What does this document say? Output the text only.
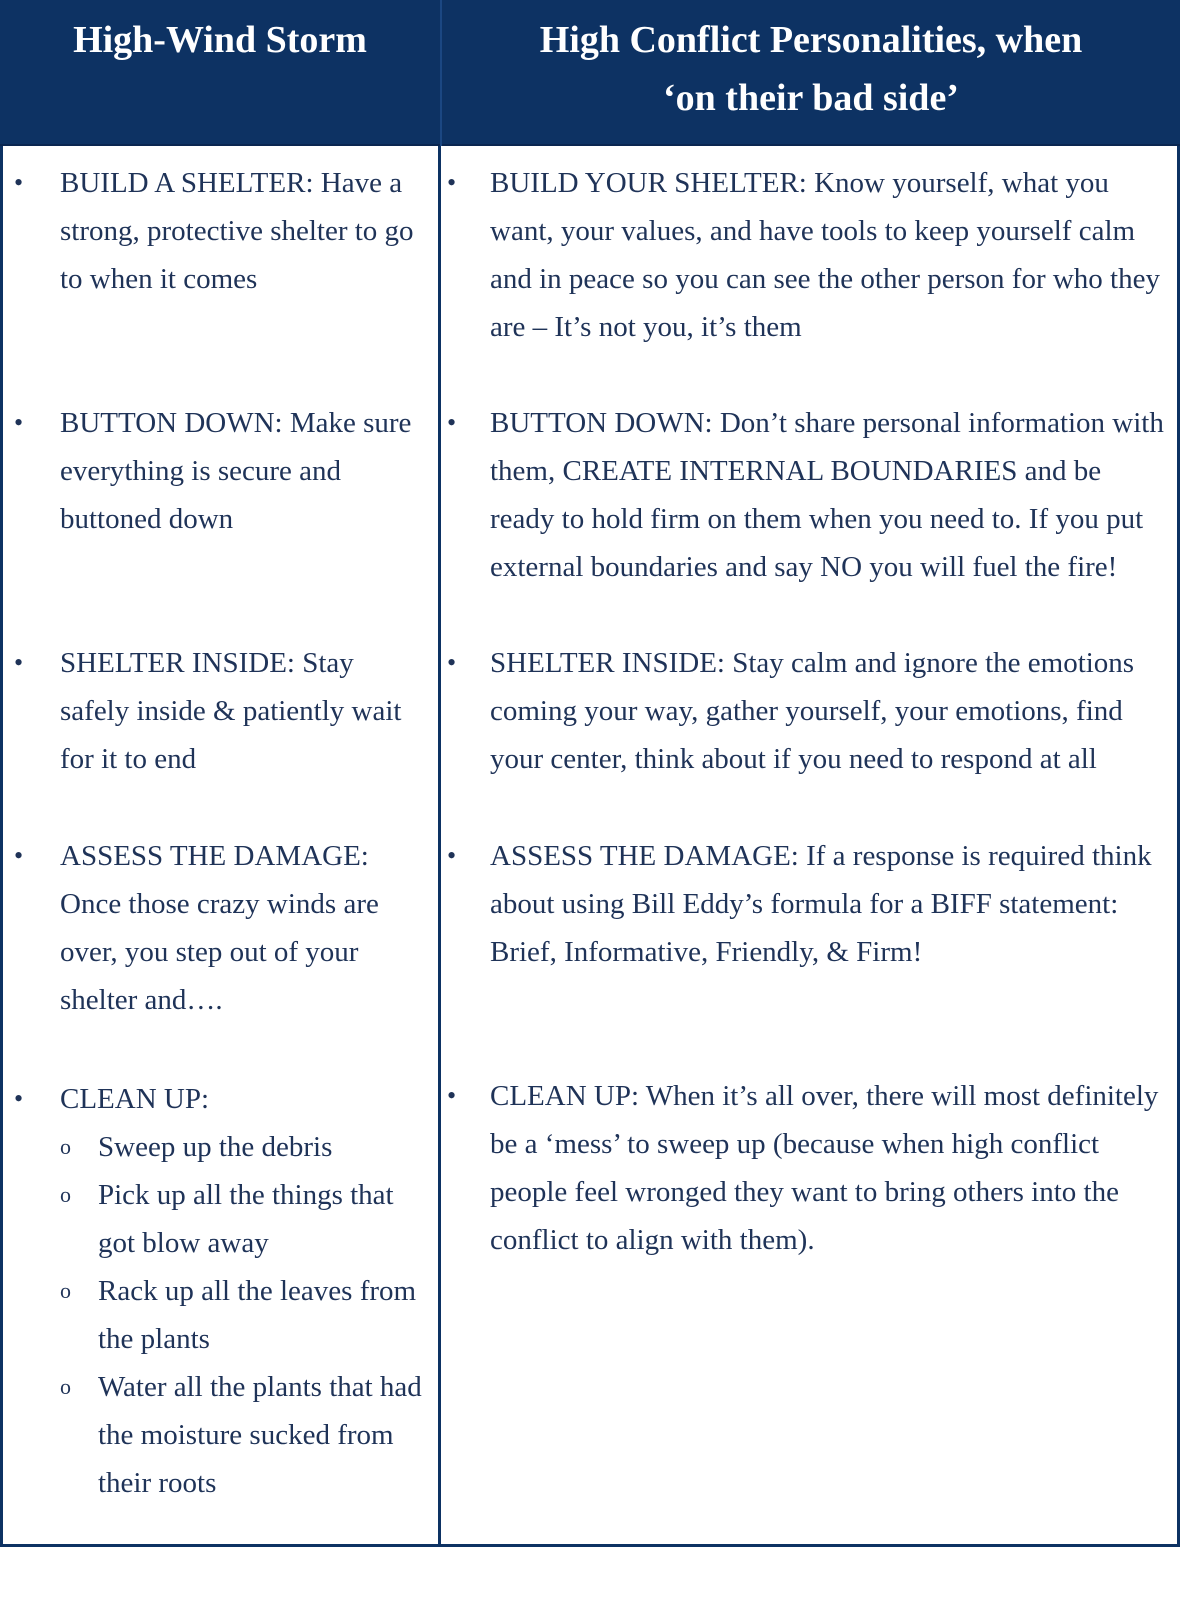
High-Wind Storm	High Conflict Personalities, when
‘on their bad side’
• BUILD A SHELTER: Have a strong, protective shelter to go to when it comes
• BUTTON DOWN: Make sure everything is secure and buttoned down
• SHELTER INSIDE: Stay safely inside & patiently wait for it to end
• ASSESS THE DAMAGE: Once those crazy winds are over, you step out of your shelter and….
• CLEAN UP:
o Sweep up the debris
o Pick up all the things that got blow away
o Rack up all the leaves from the plants
o Water all the plants that had the moisture sucked from their roots
• BUILD YOUR SHELTER: Know yourself, what you want, your values, and have tools to keep yourself calm and in peace so you can see the other person for who they are – It’s not you, it’s them
• BUTTON DOWN: Don’t share personal information with them, CREATE INTERNAL BOUNDARIES and be ready to hold firm on them when you need to. If you put external boundaries and say NO you will fuel the fire!
• SHELTER INSIDE: Stay calm and ignore the emotions coming your way, gather yourself, your emotions, find your center, think about if you need to respond at all
• ASSESS THE DAMAGE: If a response is required think about using Bill Eddy’s formula for a BIFF statement: Brief, Informative, Friendly, & Firm!
• CLEAN UP: When it’s all over, there will most definitely be a ‘mess’ to sweep up (because when high conflict people feel wronged they want to bring others into the conflict to align with them).
